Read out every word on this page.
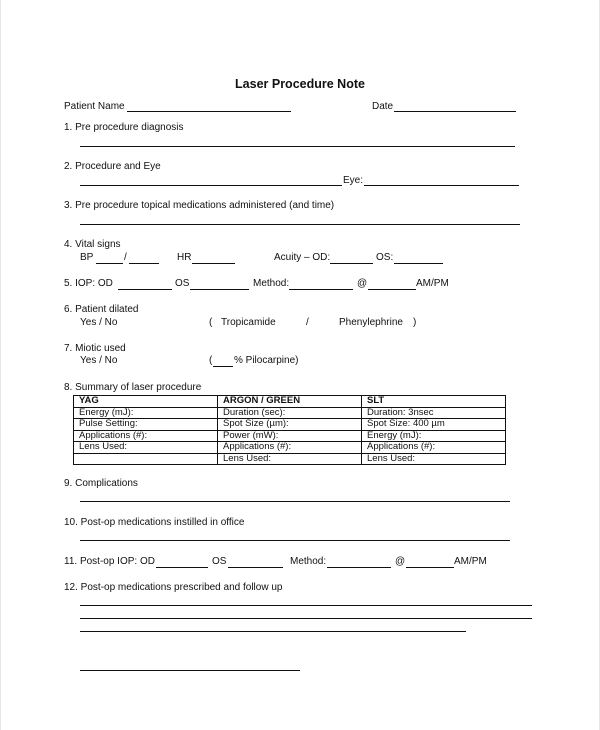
Laser Procedure Note
Patient Name	Date
1. Pre procedure diagnosis
2. Procedure and Eye
Eye:
3. Pre procedure topical medications administered (and time)
4. Vital signs
BP	/	HR	Acuity – OD:	OS:
5. IOP: OD	OS	Method:	@	AM/PM
6. Patient dilated
Yes / No	( Tropicamide	/	Phenylephrine )
7. Miotic used
Yes / No	( % Pilocarpine)
8. Summary of laser procedure
YAG	ARGON / GREEN	SLT
Energy (mJ):	Duration (sec):	Duration: 3nsec
Pulse Setting:	Spot Size (µm):	Spot Size: 400 µm
Applications (#):	Power (mW):	Energy (mJ):
Lens Used:	Applications (#):	Applications (#):
	Lens Used:	Lens Used:
9. Complications
10. Post-op medications instilled in office
11. Post-op IOP: OD	OS	Method:	@	AM/PM
12. Post-op medications prescribed and follow up
